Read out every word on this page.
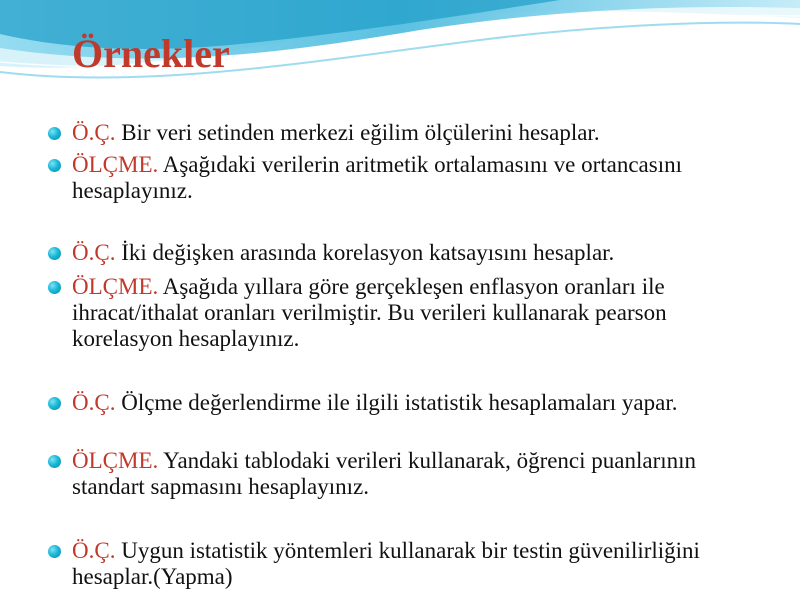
Örnekler
Ö.Ç. Bir veri setinden merkezi eğilim ölçülerini hesaplar.
ÖLÇME. Aşağıdaki verilerin aritmetik ortalamasını ve ortancasını hesaplayınız.
Ö.Ç. İki değişken arasında korelasyon katsayısını hesaplar.
ÖLÇME. Aşağıda yıllara göre gerçekleşen enflasyon oranları ile ihracat/ithalat oranları verilmiştir. Bu verileri kullanarak pearson korelasyon hesaplayınız.
Ö.Ç. Ölçme değerlendirme ile ilgili istatistik hesaplamaları yapar.
ÖLÇME. Yandaki tablodaki verileri kullanarak, öğrenci puanlarının standart sapmasını hesaplayınız.
Ö.Ç. Uygun istatistik yöntemleri kullanarak bir testin güvenilirliğini hesaplar.(Yapma)
